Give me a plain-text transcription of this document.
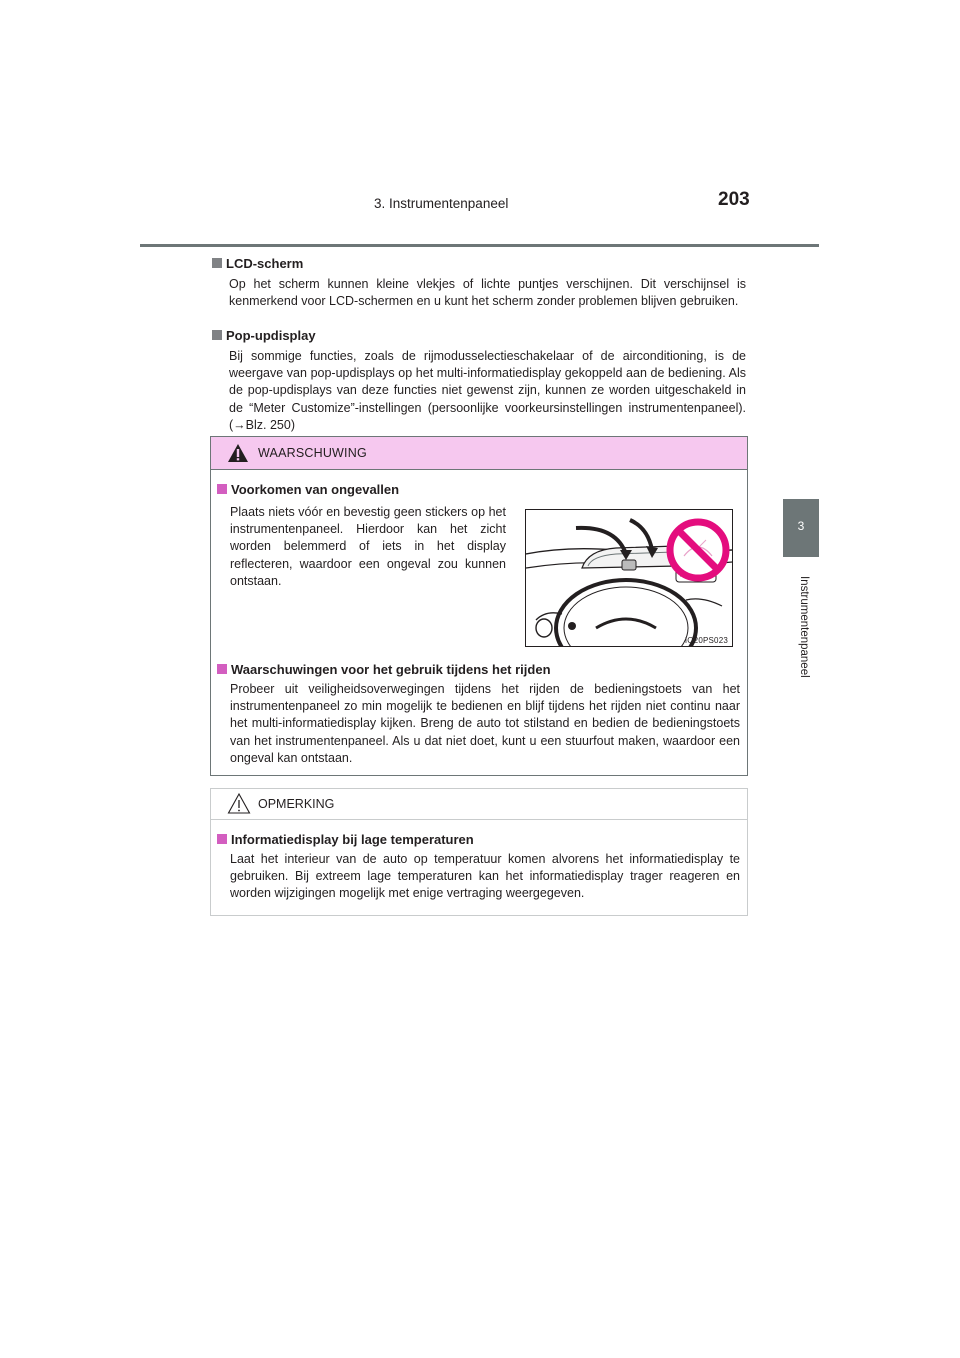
3. Instrumentenpaneel	203
3
Instrumentenpaneel
LCD-scherm
Op het scherm kunnen kleine vlekjes of lichte puntjes verschijnen. Dit verschijnsel is kenmerkend voor LCD-schermen en u kunt het scherm zonder problemen blijven gebruiken.
Pop-updisplay
Bij sommige functies, zoals de rijmodusselectieschakelaar of de airconditioning, is de weergave van pop-updisplays op het multi-informatiedisplay gekoppeld aan de bediening. Als de pop-updisplays van deze functies niet gewenst zijn, kunnen ze worden uitgeschakeld in de “Meter Customize”-instellingen (persoonlijke voorkeursinstellingen instrumentenpaneel). (→Blz. 250)
WAARSCHUWING
Voorkomen van ongevallen
Plaats niets vóór en bevestig geen stickers op het instrumentenpaneel. Hierdoor kan het zicht worden belemmerd of iets in het display reflecteren, waardoor een ongeval zou kunnen ontstaan.
IO20PS023
Waarschuwingen voor het gebruik tijdens het rijden
Probeer uit veiligheidsoverwegingen tijdens het rijden de bedieningstoets van het instrumentenpaneel zo min mogelijk te bedienen en blijf tijdens het rijden niet continu naar het multi-informatiedisplay kijken. Breng de auto tot stilstand en bedien de bedieningstoets van het instrumentenpaneel. Als u dat niet doet, kunt u een stuurfout maken, waardoor een ongeval kan ontstaan.
OPMERKING
Informatiedisplay bij lage temperaturen
Laat het interieur van de auto op temperatuur komen alvorens het informatiedisplay te gebruiken. Bij extreem lage temperaturen kan het informatiedisplay trager reageren en worden wijzigingen mogelijk met enige vertraging weergegeven.
